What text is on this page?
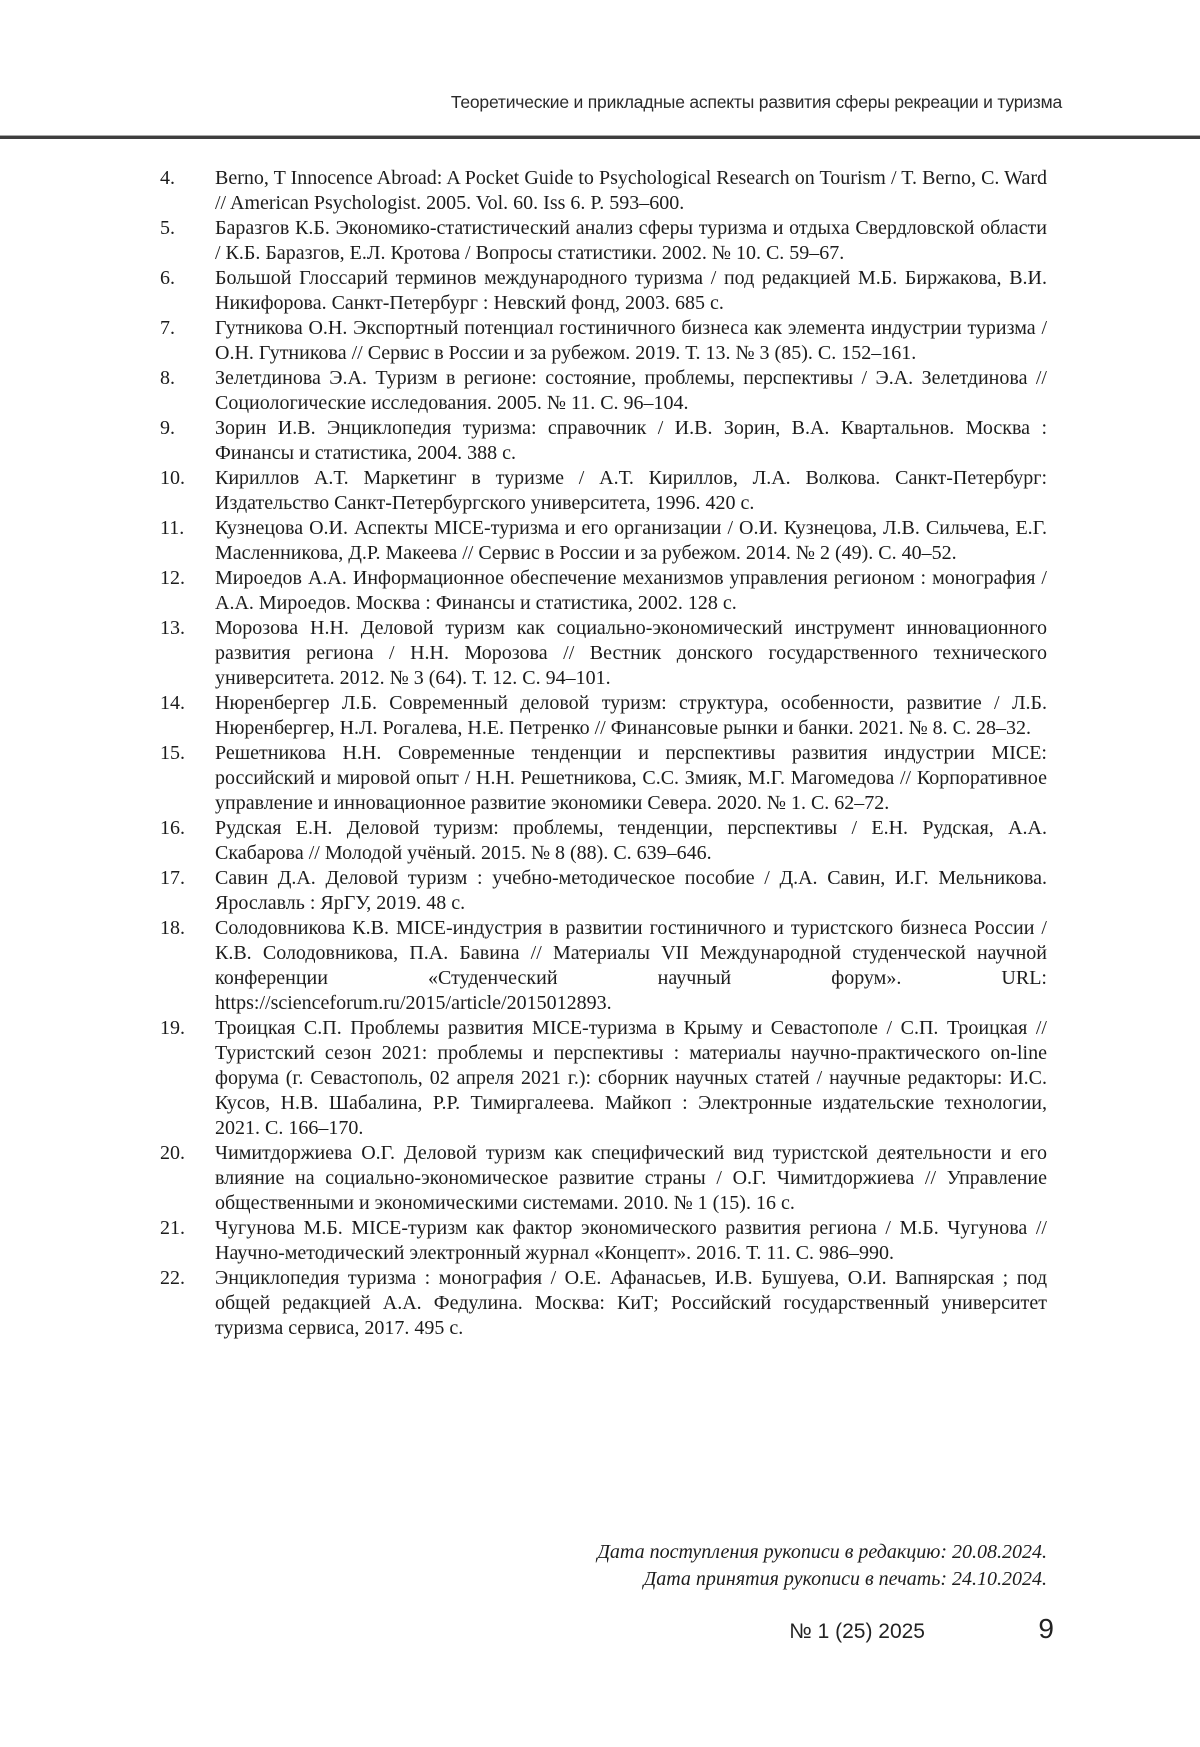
Теоретические и прикладные аспекты развития сферы рекреации и туризма
4. Berno, T Innocence Abroad: A Pocket Guide to Psychological Research on Tourism / T. Berno, C. Ward // American Psychologist. 2005. Vol. 60. Iss 6. P. 593–600.
5. Баразгов К.Б. Экономико-статистический анализ сферы туризма и отдыха Свердловской области / К.Б. Баразгов, Е.Л. Кротова / Вопросы статистики. 2002. № 10. С. 59–67.
6. Большой Глоссарий терминов международного туризма / под редакцией М.Б. Биржакова, В.И. Никифорова. Санкт-Петербург : Невский фонд, 2003. 685 с.
7. Гутникова О.Н. Экспортный потенциал гостиничного бизнеса как элемента индустрии туризма / О.Н. Гутникова // Сервис в России и за рубежом. 2019. Т. 13. № 3 (85). С. 152–161.
8. Зелетдинова Э.А. Туризм в регионе: состояние, проблемы, перспективы / Э.А. Зелетдинова // Социологические исследования. 2005. № 11. С. 96–104.
9. Зорин И.В. Энциклопедия туризма: справочник / И.В. Зорин, В.А. Квартальнов. Москва : Финансы и статистика, 2004. 388 с.
10. Кириллов А.Т. Маркетинг в туризме / А.Т. Кириллов, Л.А. Волкова. Санкт-Петербург: Издательство Санкт-Петербургского университета, 1996. 420 с.
11. Кузнецова О.И. Аспекты MICE-туризма и его организации / О.И. Кузнецова, Л.В. Сильчева, Е.Г. Масленникова, Д.Р. Макеева // Сервис в России и за рубежом. 2014. № 2 (49). С. 40–52.
12. Мироедов А.А. Информационное обеспечение механизмов управления регионом : монография / А.А. Мироедов. Москва : Финансы и статистика, 2002. 128 с.
13. Морозова Н.Н. Деловой туризм как социально-экономический инструмент инновационного развития региона / Н.Н. Морозова // Вестник донского государственного технического университета. 2012. № 3 (64). Т. 12. С. 94–101.
14. Нюренбергер Л.Б. Современный деловой туризм: структура, особенности, развитие / Л.Б. Нюренбергер, Н.Л. Рогалева, Н.Е. Петренко // Финансовые рынки и банки. 2021. № 8. С. 28–32.
15. Решетникова Н.Н. Современные тенденции и перспективы развития индустрии MICE: российский и мировой опыт / Н.Н. Решетникова, С.С. Змияк, М.Г. Магомедова // Корпоративное управление и инновационное развитие экономики Севера. 2020. № 1. С. 62–72.
16. Рудская Е.Н. Деловой туризм: проблемы, тенденции, перспективы / Е.Н. Рудская, А.А. Скабарова // Молодой учёный. 2015. № 8 (88). С. 639–646.
17. Савин Д.А. Деловой туризм : учебно-методическое пособие / Д.А. Савин, И.Г. Мельникова. Ярославль : ЯрГУ, 2019. 48 с.
18. Солодовникова К.В. MICE-индустрия в развитии гостиничного и туристского бизнеса России / К.В. Солодовникова, П.А. Бавина // Материалы VII Международной студенческой научной конференции «Студенческий научный форум». URL: https://scienceforum.ru/2015/article/2015012893.
19. Троицкая С.П. Проблемы развития MICE-туризма в Крыму и Севастополе / С.П. Троицкая // Туристский сезон 2021: проблемы и перспективы : материалы научно-практического on-line форума (г. Севастополь, 02 апреля 2021 г.): сборник научных статей / научные редакторы: И.С. Кусов, Н.В. Шабалина, Р.Р. Тимиргалеева. Майкоп : Электронные издательские технологии, 2021. С. 166–170.
20. Чимитдоржиева О.Г. Деловой туризм как специфический вид туристской деятельности и его влияние на социально-экономическое развитие страны / О.Г. Чимитдоржиева // Управление общественными и экономическими системами. 2010. № 1 (15). 16 с.
21. Чугунова М.Б. MICE-туризм как фактор экономического развития региона / М.Б. Чугунова // Научно-методический электронный журнал «Концепт». 2016. Т. 11. С. 986–990.
22. Энциклопедия туризма : монография / О.Е. Афанасьев, И.В. Бушуева, О.И. Вапнярская ; под общей редакцией А.А. Федулина. Москва: КиТ; Российский государственный университет туризма сервиса, 2017. 495 с.
Дата поступления рукописи в редакцию: 20.08.2024.
Дата принятия рукописи в печать: 24.10.2024.
№ 1 (25) 2025	9
